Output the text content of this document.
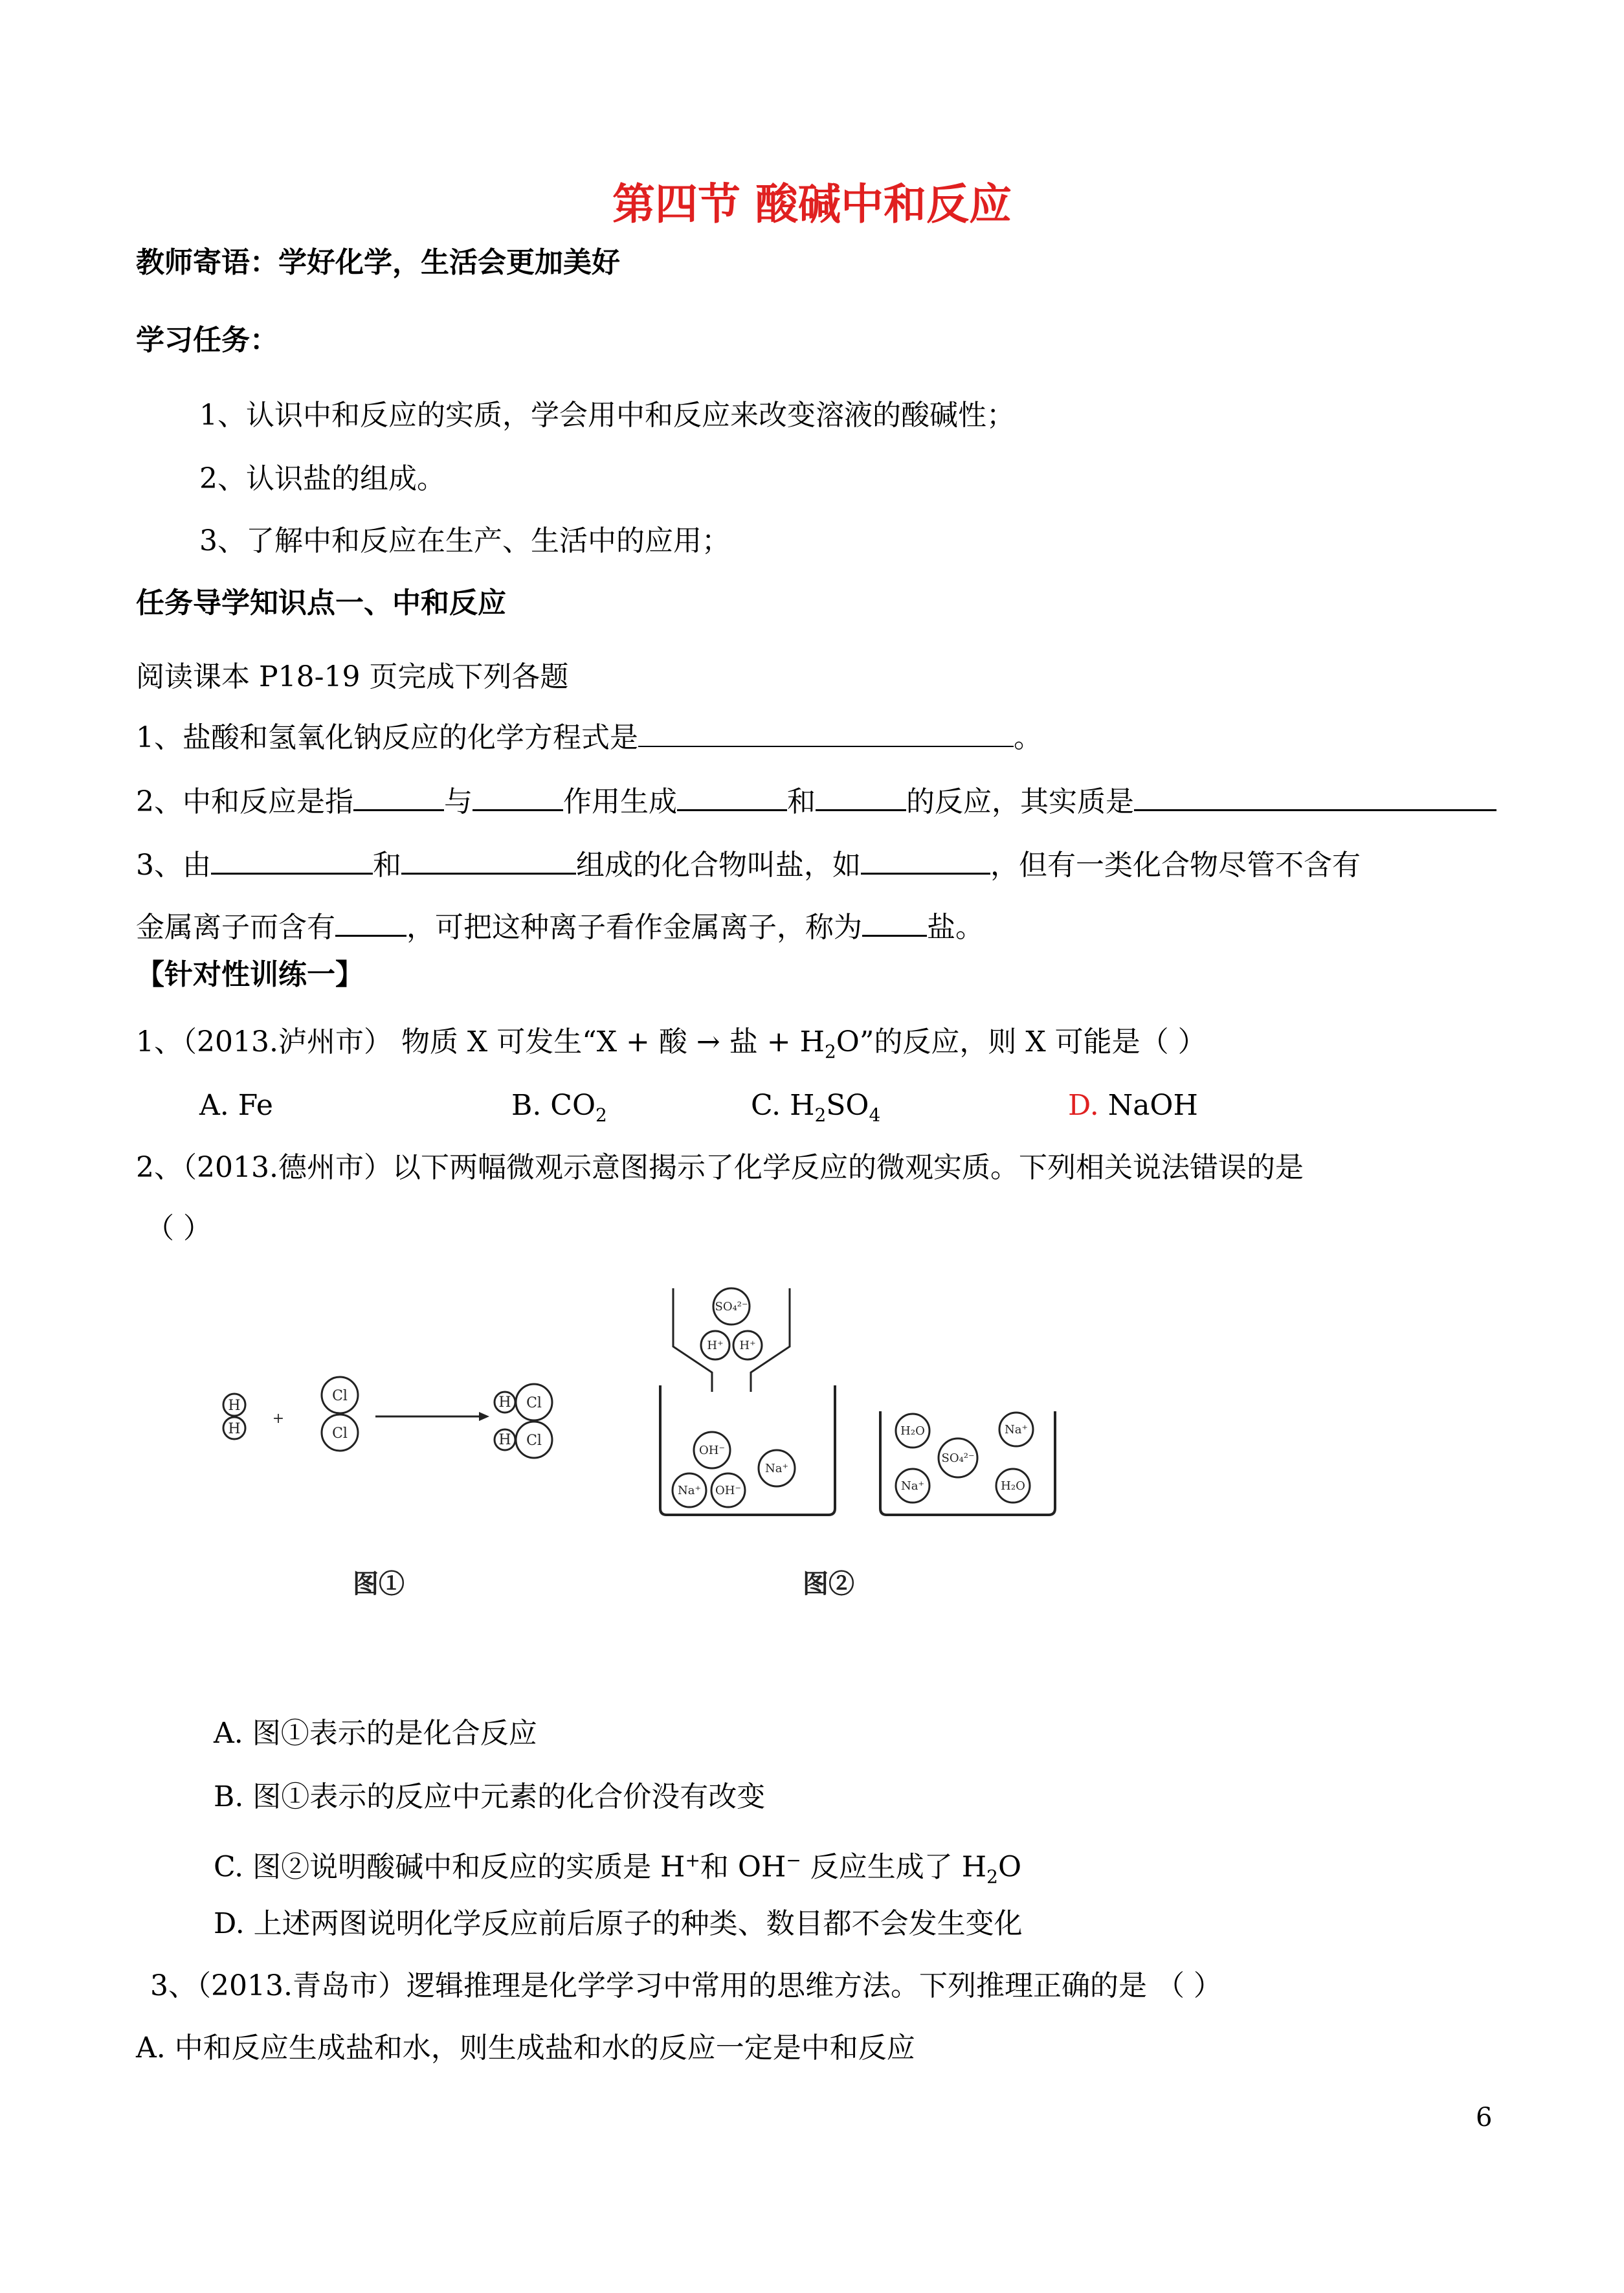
第四节 酸碱中和反应
教师寄语：学好化学，生活会更加美好
学习任务：
1、认识中和反应的实质，学会用中和反应来改变溶液的酸碱性；
2、认识盐的组成。
3、了解中和反应在生产、生活中的应用；
任务导学知识点一、中和反应
阅读课本 P18-19 页完成下列各题
1、盐酸和氢氧化钠反应的化学方程式是	。
2、中和反应是指	与	作用生成	和	的反应，其实质是
3、由	和	组成的化合物叫盐，如	，但有一类化合物尽管不含有
金属离子而含有	，可把这种离子看作金属离子，称为 盐。
【针对性训练一】
1、（2013.泸州市） 物质 X 可发生“X + 酸 → 盐 + $H_2O$”的反应，则 X 可能是（ ）
A. Fe	B. $CO_2$	C. $H_2SO_4$	D. NaOH
2、（2013.德州市）以下两幅微观示意图揭示了化学反应的微观实质。下列相关说法错误的是
（ ）
H
H
+
Cl
Cl
H Cl
H Cl
图①
SO₄²⁻
H⁺ H⁺
OH⁻
Na⁺
Na⁺ OH⁻
H₂O	Na⁺
SO₄²⁻
Na⁺	H₂O
图②
A. 图①表示的是化合反应
B. 图①表示的反应中元素的化合价没有改变
C. 图②说明酸碱中和反应的实质是 H+和 OH− 反应生成了 $H_2O$
D. 上述两图说明化学反应前后原子的种类、数目都不会发生变化
3、（2013.青岛市）逻辑推理是化学学习中常用的思维方法。下列推理正确的是 （ ）
A. 中和反应生成盐和水，则生成盐和水的反应一定是中和反应
6
